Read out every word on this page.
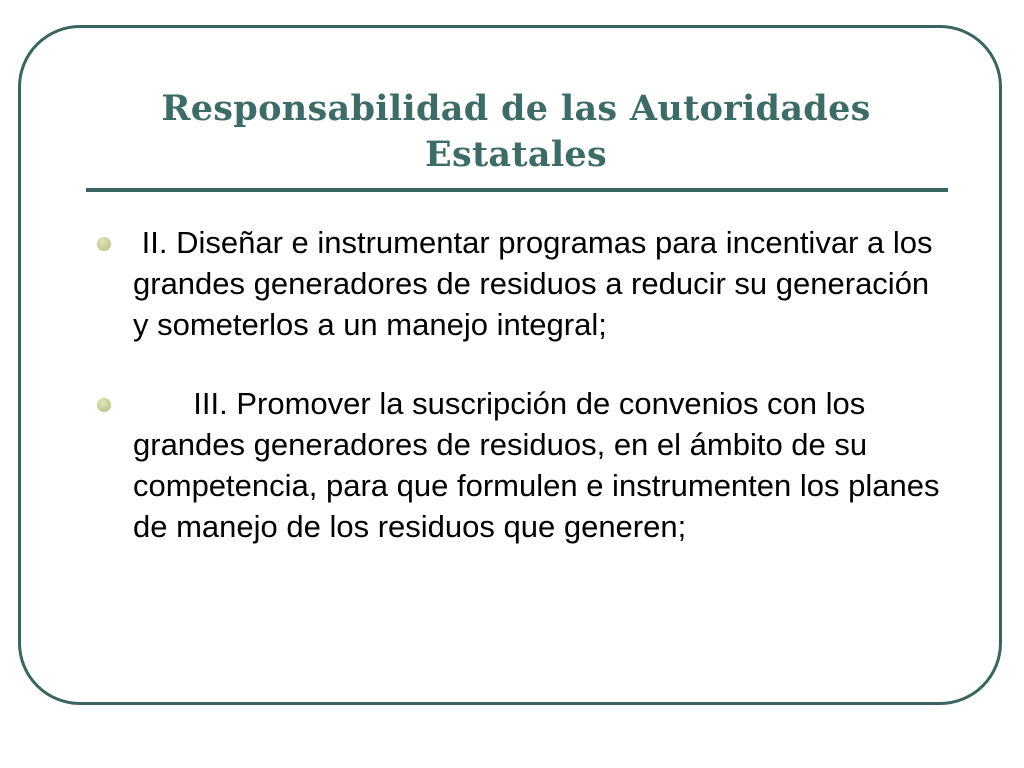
Responsabilidad de las Autoridades Estatales
II. Diseñar e instrumentar programas para incentivar a los grandes generadores de residuos a reducir su generación y someterlos a un manejo integral;
III. Promover la suscripción de convenios con los grandes generadores de residuos, en el ámbito de su competencia, para que formulen e instrumenten los planes de manejo de los residuos que generen;
